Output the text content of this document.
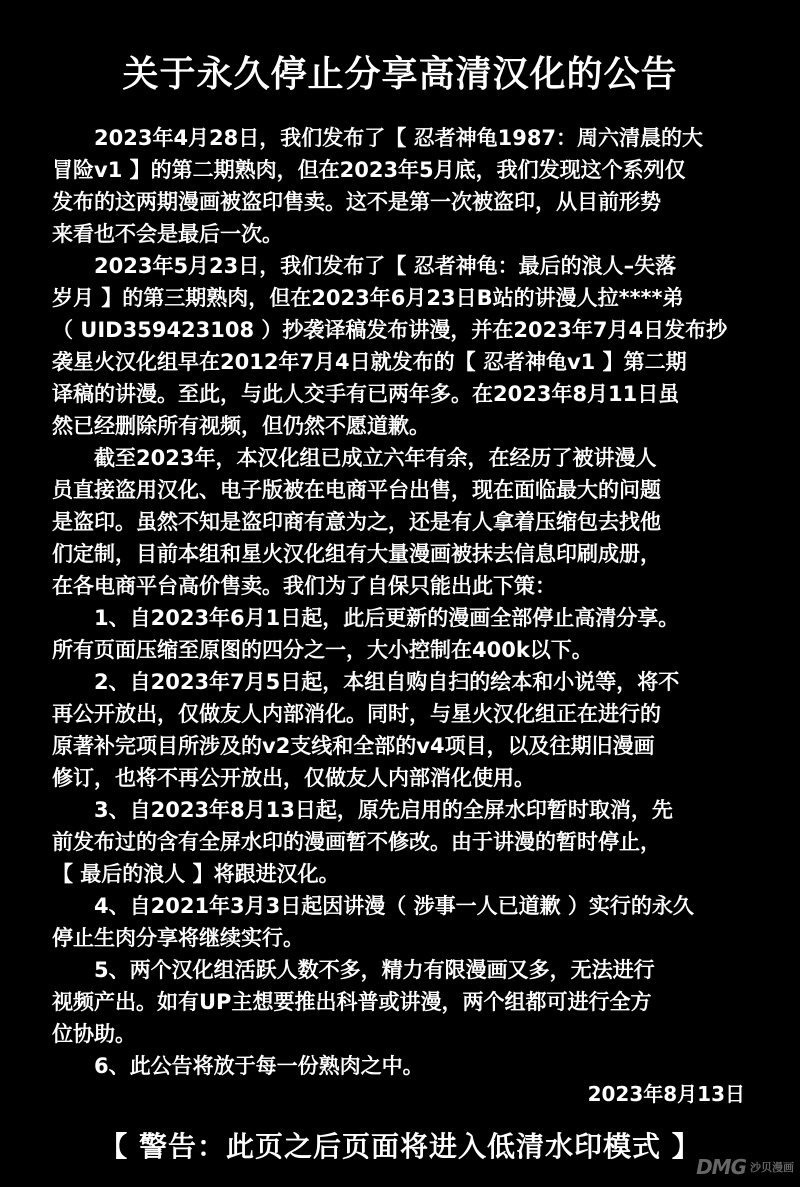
关于永久停止分享高清汉化的公告

2023年4月28日，我们发布了【 忍者神龟1987：周六清晨的大
冒险v1 】的第二期熟肉，但在2023年5月底，我们发现这个系列仅
发布的这两期漫画被盗印售卖。这不是第一次被盗印，从目前形势
来看也不会是最后一次。

2023年5月23日，我们发布了【 忍者神龟：最后的浪人–失落
岁月 】的第三期熟肉，但在2023年6月23日B站的讲漫人拉****弟
（ UID359423108 ）抄袭译稿发布讲漫，并在2023年7月4日发布抄
袭星火汉化组早在2012年7月4日就发布的【 忍者神龟v1 】第二期
译稿的讲漫。至此，与此人交手有已两年多。在2023年8月11日虽
然已经删除所有视频，但仍然不愿道歉。

截至2023年，本汉化组已成立六年有余，在经历了被讲漫人
员直接盗用汉化、电子版被在电商平台出售，现在面临最大的问题
是盗印。虽然不知是盗印商有意为之，还是有人拿着压缩包去找他
们定制，目前本组和星火汉化组有大量漫画被抹去信息印刷成册，
在各电商平台高价售卖。我们为了自保只能出此下策：

1、自2023年6月1日起，此后更新的漫画全部停止高清分享。
所有页面压缩至原图的四分之一，大小控制在400k以下。

2、自2023年7月5日起，本组自购自扫的绘本和小说等，将不
再公开放出，仅做友人内部消化。同时，与星火汉化组正在进行的
原著补完项目所涉及的v2支线和全部的v4项目，以及往期旧漫画
修订，也将不再公开放出，仅做友人内部消化使用。

3、自2023年8月13日起，原先启用的全屏水印暂时取消，先
前发布过的含有全屏水印的漫画暂不修改。由于讲漫的暂时停止，
【 最后的浪人 】将跟进汉化。

4、自2021年3月3日起因讲漫（ 涉事一人已道歉 ）实行的永久
停止生肉分享将继续实行。

5、两个汉化组活跃人数不多，精力有限漫画又多，无法进行
视频产出。如有UP主想要推出科普或讲漫，两个组都可进行全方
位协助。

6、此公告将放于每一份熟肉之中。

2023年8月13日
【 警告：此页之后页面将进入低清水印模式 】
DMG 沙贝漫画
